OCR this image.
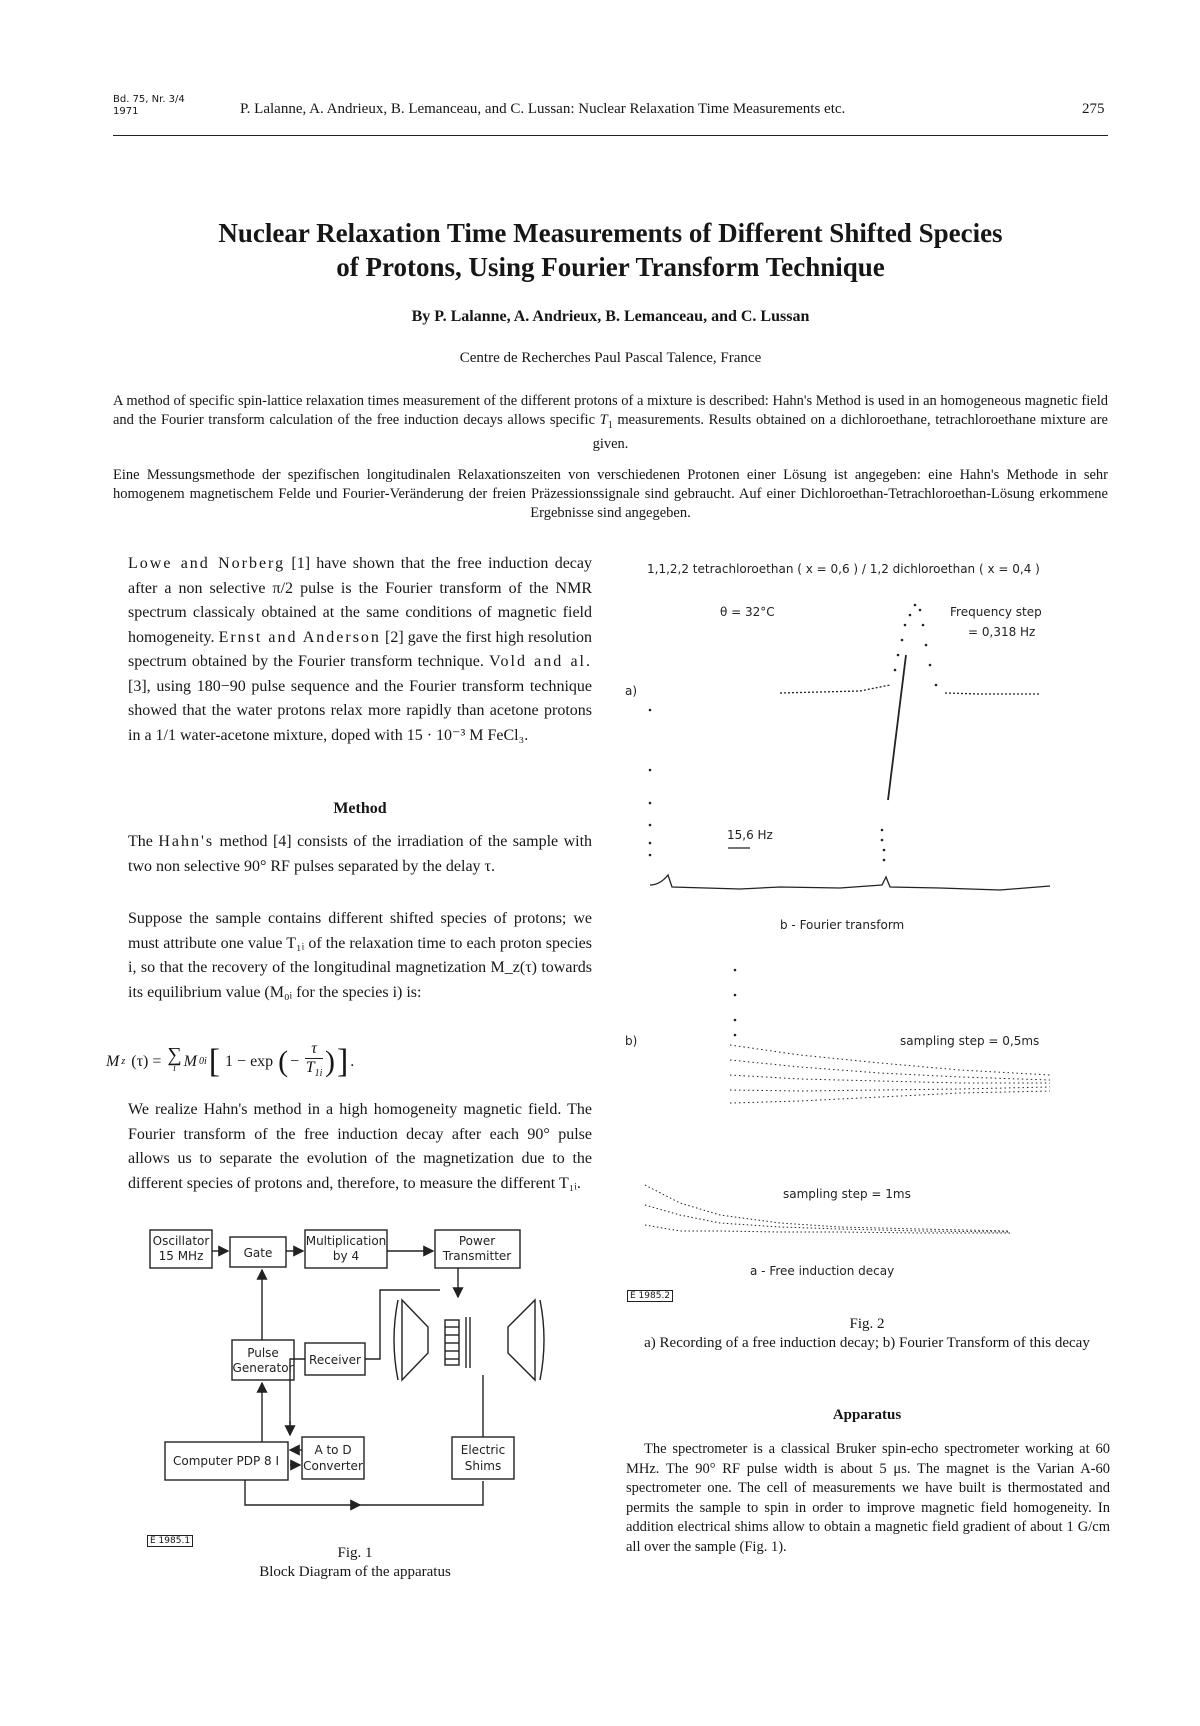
Bd. 75, Nr. 3/4
1971	P. Lalanne, A. Andrieux, B. Lemanceau, and C. Lussan: Nuclear Relaxation Time Measurements etc.	275
Nuclear Relaxation Time Measurements of Different Shifted Species
of Protons, Using Fourier Transform Technique
By P. Lalanne, A. Andrieux, B. Lemanceau, and C. Lussan
Centre de Recherches Paul Pascal Talence, France
A method of specific spin-lattice relaxation times measurement of the different protons of a mixture is described: Hahn's Method is used in an homogeneous magnetic field and the Fourier transform calculation of the free induction decays allows specific $T_1$ measurements. Results obtained on a dichloroethane, tetrachloroethane mixture are given.
Eine Messungsmethode der spezifischen longitudinalen Relaxationszeiten von verschiedenen Protonen einer Lösung ist angegeben: eine Hahn's Methode in sehr homogenem magnetischem Felde und Fourier-Veränderung der freien Präzessionssignale sind gebraucht. Auf einer Dichloroethan-Tetrachloroethan-Lösung erkommene Ergebnisse sind angegeben.
Lowe and Norberg [1] have shown that the free induction decay after a non selective π/2 pulse is the Fourier transform of the NMR spectrum classicaly obtained at the same conditions of magnetic field homogeneity. Ernst and Anderson [2] gave the first high resolution spectrum obtained by the Fourier transform technique. Vold and al. [3], using 180−90 pulse sequence and the Fourier transform technique showed that the water protons relax more rapidly than acetone protons in a 1/1 water-acetone mixture, doped with 15 · 10⁻³ M FeCl₃.
Method
The Hahn's method [4] consists of the irradiation of the sample with two non selective 90° RF pulses separated by the delay τ.
Suppose the sample contains different shifted species of protons; we must attribute one value T₁ᵢ of the relaxation time to each proton species i, so that the recovery of the longitudinal magnetization M_z(τ) towards its equilibrium value (M₀ᵢ for the species i) is:
M z (τ) = ∑
i M 0i [ 1 − exp ( − $\frac{\tau}{T_{1i}}$ ) ] .
We realize Hahn's method in a high homogeneity magnetic field. The Fourier transform of the free induction decay after each 90° pulse allows us to separate the evolution of the magnetization due to the different species of protons and, therefore, to measure the different T₁ᵢ.
Oscillator
15 MHz	Gate
Multiplication
by 4
Power
Transmitter
Pulse
Generator
Receiver
Computer PDP 8 I
A to D
Converter
Electric
Shims
E 1985.1
Fig. 1
Block Diagram of the apparatus
1,1,2,2 tetrachloroethan ( x = 0,6 ) / 1,2 dichloroethan ( x = 0,4 )
θ = 32°C	Frequency step
= 0,318 Hz
a)
15,6 Hz
b - Fourier transform
b)	sampling step = 0,5ms
sampling step = 1ms
a - Free induction decay
E 1985.2
Fig. 2
a) Recording of a free induction decay; b) Fourier Transform of this decay
Apparatus
The spectrometer is a classical Bruker spin-echo spectrometer working at 60 MHz. The 90° RF pulse width is about 5 μs. The magnet is the Varian A-60 spectrometer one. The cell of measurements we have built is thermostated and permits the sample to spin in order to improve magnetic field homogeneity. In addition electrical shims allow to obtain a magnetic field gradient of about 1 G/cm all over the sample (Fig. 1).
